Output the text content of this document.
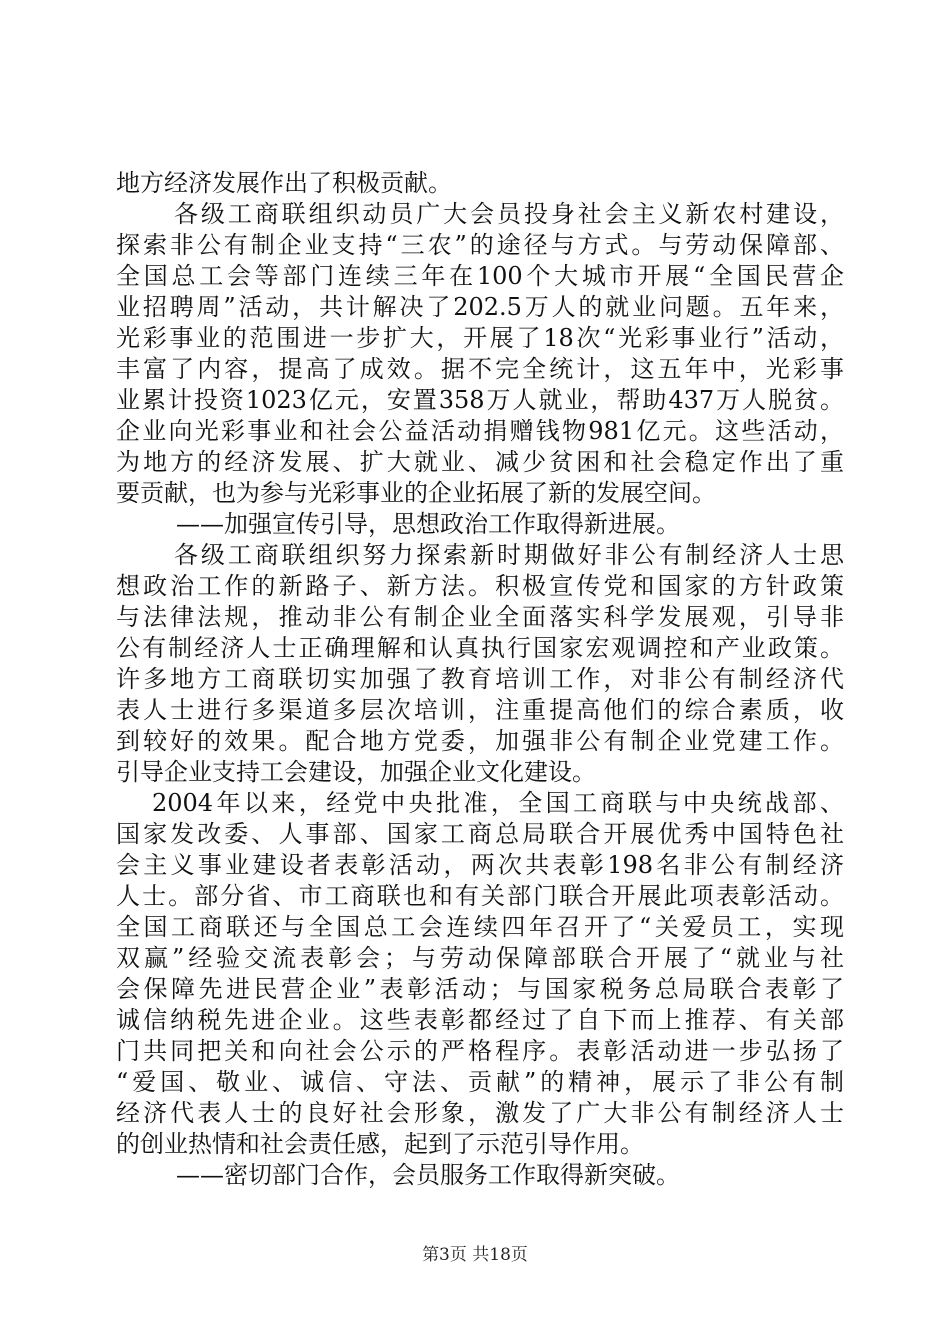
地方经济发展作出了积极贡献。
各级工商联组织动员广大会员投身社会主义新农村建设，
探索非公有制企业支持“三农”的途径与方式。与劳动保障部、
全国总工会等部门连续三年在100个大城市开展“全国民营企
业招聘周”活动，共计解决了202.5万人的就业问题。五年来，
光彩事业的范围进一步扩大，开展了18次“光彩事业行”活动，
丰富了内容，提高了成效。据不完全统计，这五年中，光彩事
业累计投资1023亿元，安置358万人就业，帮助437万人脱贫。
企业向光彩事业和社会公益活动捐赠钱物981亿元。这些活动，
为地方的经济发展、扩大就业、减少贫困和社会稳定作出了重
要贡献，也为参与光彩事业的企业拓展了新的发展空间。
——加强宣传引导，思想政治工作取得新进展。
各级工商联组织努力探索新时期做好非公有制经济人士思
想政治工作的新路子、新方法。积极宣传党和国家的方针政策
与法律法规，推动非公有制企业全面落实科学发展观，引导非
公有制经济人士正确理解和认真执行国家宏观调控和产业政策。
许多地方工商联切实加强了教育培训工作，对非公有制经济代
表人士进行多渠道多层次培训，注重提高他们的综合素质，收
到较好的效果。配合地方党委，加强非公有制企业党建工作。
引导企业支持工会建设，加强企业文化建设。
2004年以来，经党中央批准，全国工商联与中央统战部、
国家发改委、人事部、国家工商总局联合开展优秀中国特色社
会主义事业建设者表彰活动，两次共表彰198名非公有制经济
人士。部分省、市工商联也和有关部门联合开展此项表彰活动。
全国工商联还与全国总工会连续四年召开了“关爱员工，实现
双赢”经验交流表彰会；与劳动保障部联合开展了“就业与社
会保障先进民营企业”表彰活动；与国家税务总局联合表彰了
诚信纳税先进企业。这些表彰都经过了自下而上推荐、有关部
门共同把关和向社会公示的严格程序。表彰活动进一步弘扬了
“爱国、敬业、诚信、守法、贡献”的精神，展示了非公有制
经济代表人士的良好社会形象，激发了广大非公有制经济人士
的创业热情和社会责任感，起到了示范引导作用。
——密切部门合作，会员服务工作取得新突破。
第3页 共18页
